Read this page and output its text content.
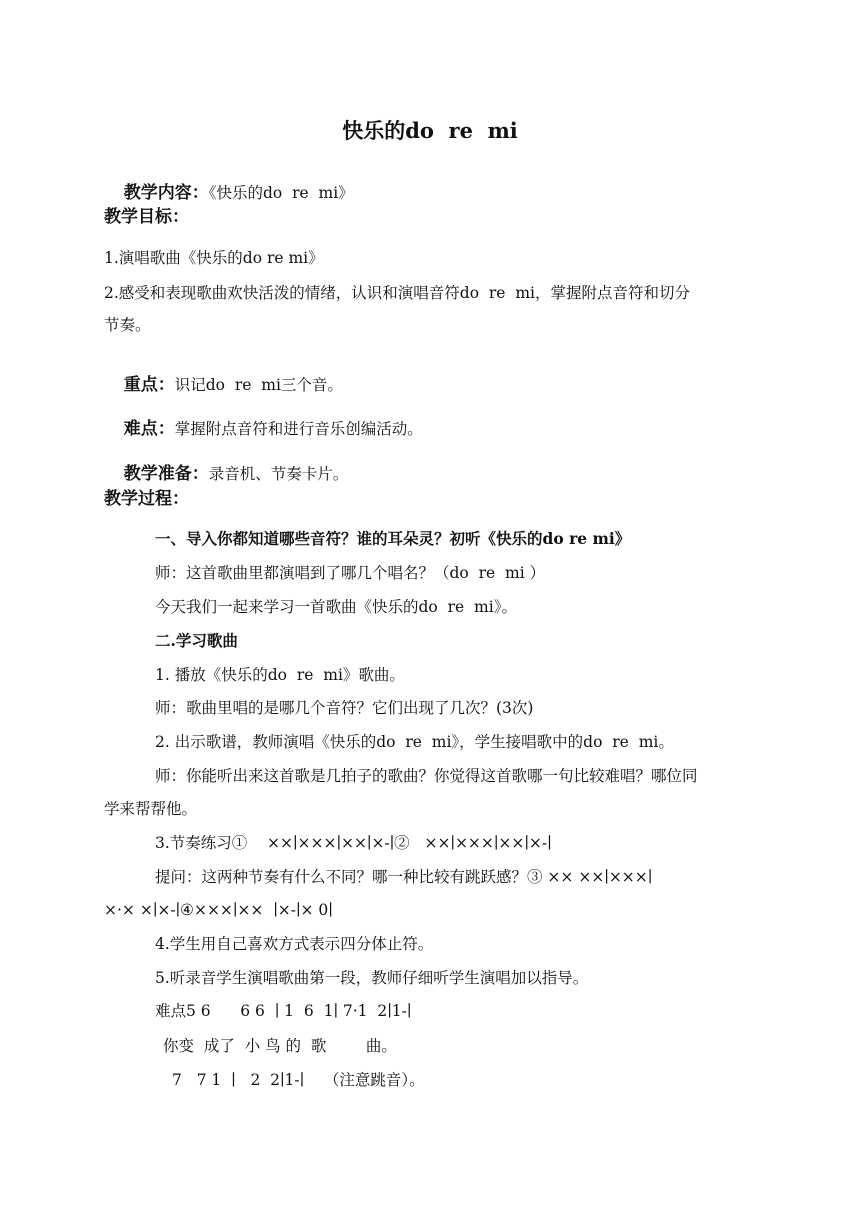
快乐的do  re  mi

教学内容：《快乐的do  re  mi》

教学目标：
1.演唱歌曲《快乐的do re mi》
2.感受和表现歌曲欢快活泼的情绪，认识和演唱音符do  re  mi，掌握附点音符和切分
节奏。

重点：识记do  re  mi三个音。

难点：掌握附点音符和进行音乐创编活动。

教学准备：录音机、节奏卡片。

教学过程：
一、导入你都知道哪些音符？谁的耳朵灵？初听《快乐的do re mi》
师：这首歌曲里都演唱到了哪几个唱名？（do  re  mi ）
今天我们一起来学习一首歌曲《快乐的do  re  mi》。
二.学习歌曲
1. 播放《快乐的do  re  mi》歌曲。
师：歌曲里唱的是哪几个音符？它们出现了几次？(3次)
2. 出示歌谱，教师演唱《快乐的do  re  mi》，学生接唱歌中的do  re  mi。
师：你能听出来这首歌是几拍子的歌曲？你觉得这首歌哪一句比较难唱？哪位同
学来帮帮他。
3.节奏练习①    ××∣×××∣××∣×-∣②   ××∣×××∣××∣×-∣
提问：这两种节奏有什么不同？哪一种比较有跳跃感？③ ×× ××∣×××∣
×·× ×∣×-∣④×××∣××  ∣×-∣× 0∣
4.学生用自己喜欢方式表示四分体止符。
5.听录音学生演唱歌曲第一段，教师仔细听学生演唱加以指导。
难点5 6      6 6  ∣ 1  6  1∣ 7·1  2∣1-∣
你变  成了  小 鸟 的  歌        曲。
7   7 1  ∣   2  2∣1-∣    （注意跳音）。
